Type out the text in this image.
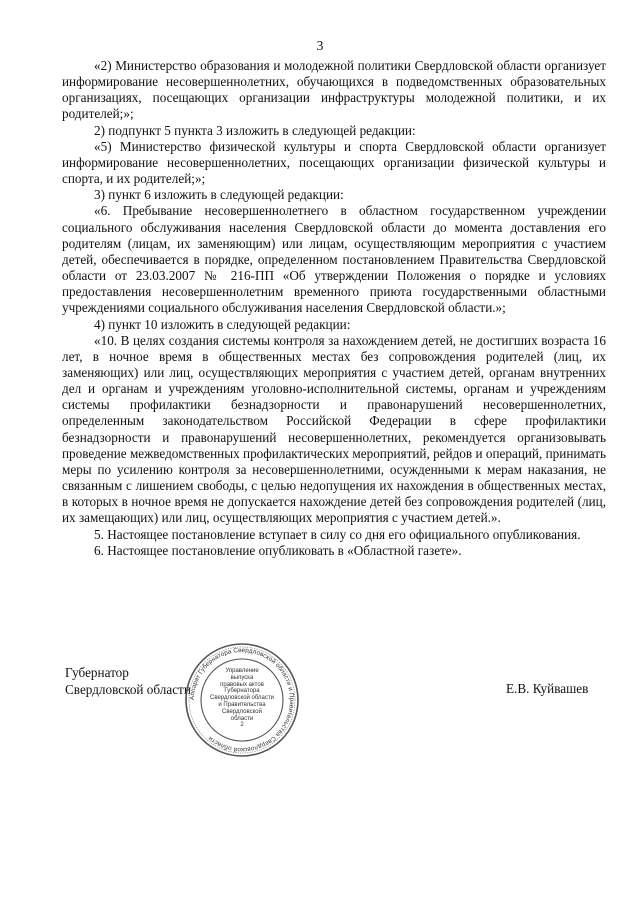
3

«2) Министерство образования и молодежной политики Свердловской области организует информирование несовершеннолетних, обучающихся в подведомственных образовательных организациях, посещающих организации инфраструктуры молодежной политики, и их родителей;»;

2) подпункт 5 пункта 3 изложить в следующей редакции:

«5) Министерство физической культуры и спорта Свердловской области организует информирование несовершеннолетних, посещающих организации физической культуры и спорта, и их родителей;»;

3) пункт 6 изложить в следующей редакции:

«6. Пребывание несовершеннолетнего в областном государственном учреждении социального обслуживания населения Свердловской области до момента доставления его родителям (лицам, их заменяющим) или лицам, осуществляющим мероприятия с участием детей, обеспечивается в порядке, определенном постановлением Правительства Свердловской области от 23.03.2007 № 216-ПП «Об утверждении Положения о порядке и условиях предоставления несовершеннолетним временного приюта государственными областными учреждениями социального обслуживания населения Свердловской области.»;

4) пункт 10 изложить в следующей редакции:

«10. В целях создания системы контроля за нахождением детей, не достигших возраста 16 лет, в ночное время в общественных местах без сопровождения родителей (лиц, их заменяющих) или лиц, осуществляющих мероприятия с участием детей, органам внутренних дел и органам и учреждениям уголовно-исполнительной системы, органам и учреждениям системы профилактики безнадзорности и правонарушений несовершеннолетних, определенным законодательством Российской Федерации в сфере профилактики безнадзорности и правонарушений несовершеннолетних, рекомендуется организовывать проведение межведомственных профилактических мероприятий, рейдов и операций, принимать меры по усилению контроля за несовершеннолетними, осужденными к мерам наказания, не связанным с лишением свободы, с целью недопущения их нахождения в общественных местах, в которых в ночное время не допускается нахождение детей без сопровождения родителей (лиц, их замещающих) или лиц, осуществляющих мероприятия с участием детей.».

5. Настоящее постановление вступает в силу со дня его официального опубликования.

6. Настоящее постановление опубликовать в «Областной газете».

Губернатор
Свердловской области	Е.В. Куйвашев
Аппарат Губернатора Свердловской области и Правительства Свердловской области
Управление
выпуска
правовых актов
Губернатора
Свердловской области
и Правительства
Свердловской
области
2
